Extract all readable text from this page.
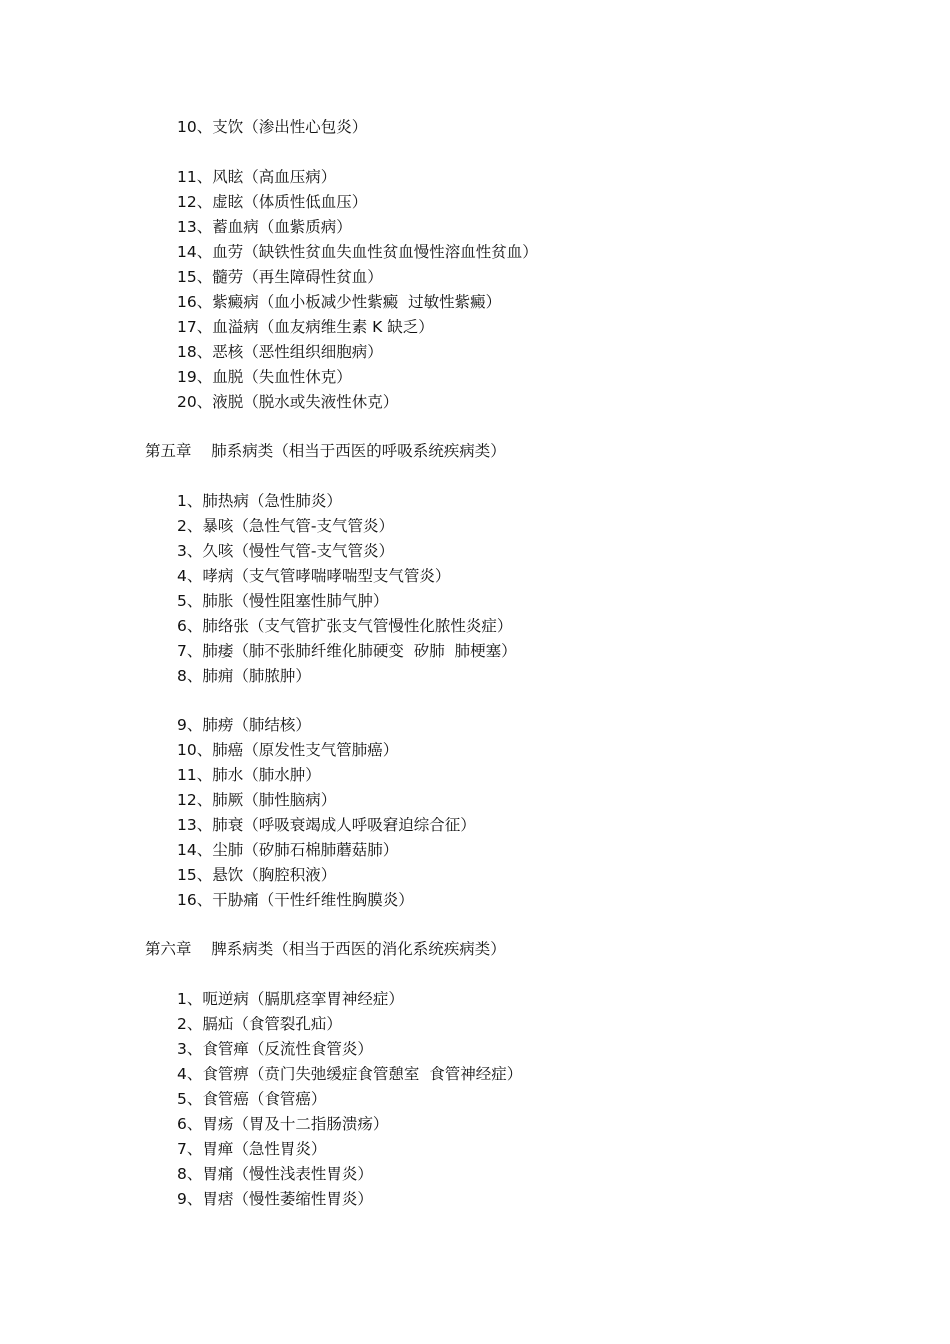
10、支饮（渗出性心包炎）
11、风眩（高血压病）
12、虚眩（体质性低血压）
13、蓄血病（血紫质病）
14、血劳（缺铁性贫血失血性贫血慢性溶血性贫血）
15、髓劳（再生障碍性贫血）
16、紫癜病（血小板减少性紫癜  过敏性紫癜）
17、血溢病（血友病维生素 K 缺乏）
18、恶核（恶性组织细胞病）
19、血脱（失血性休克）
20、液脱（脱水或失液性休克）
第五章    肺系病类（相当于西医的呼吸系统疾病类）
1、肺热病（急性肺炎）
2、暴咳（急性气管-支气管炎）
3、久咳（慢性气管-支气管炎）
4、哮病（支气管哮喘哮喘型支气管炎）
5、肺胀（慢性阻塞性肺气肿）
6、肺络张（支气管扩张支气管慢性化脓性炎症）
7、肺痿（肺不张肺纤维化肺硬变  矽肺  肺梗塞）
8、肺痈（肺脓肿）
9、肺痨（肺结核）
10、肺癌（原发性支气管肺癌）
11、肺水（肺水肿）
12、肺厥（肺性脑病）
13、肺衰（呼吸衰竭成人呼吸窘迫综合征）
14、尘肺（矽肺石棉肺蘑菇肺）
15、悬饮（胸腔积液）
16、干胁痛（干性纤维性胸膜炎）
第六章    脾系病类（相当于西医的消化系统疾病类）
1、呃逆病（膈肌痉挛胃神经症）
2、膈疝（食管裂孔疝）
3、食管瘅（反流性食管炎）
4、食管痹（贲门失弛缓症食管憩室  食管神经症）
5、食管癌（食管癌）
6、胃疡（胃及十二指肠溃疡）
7、胃瘅（急性胃炎）
8、胃痛（慢性浅表性胃炎）
9、胃痞（慢性萎缩性胃炎）
